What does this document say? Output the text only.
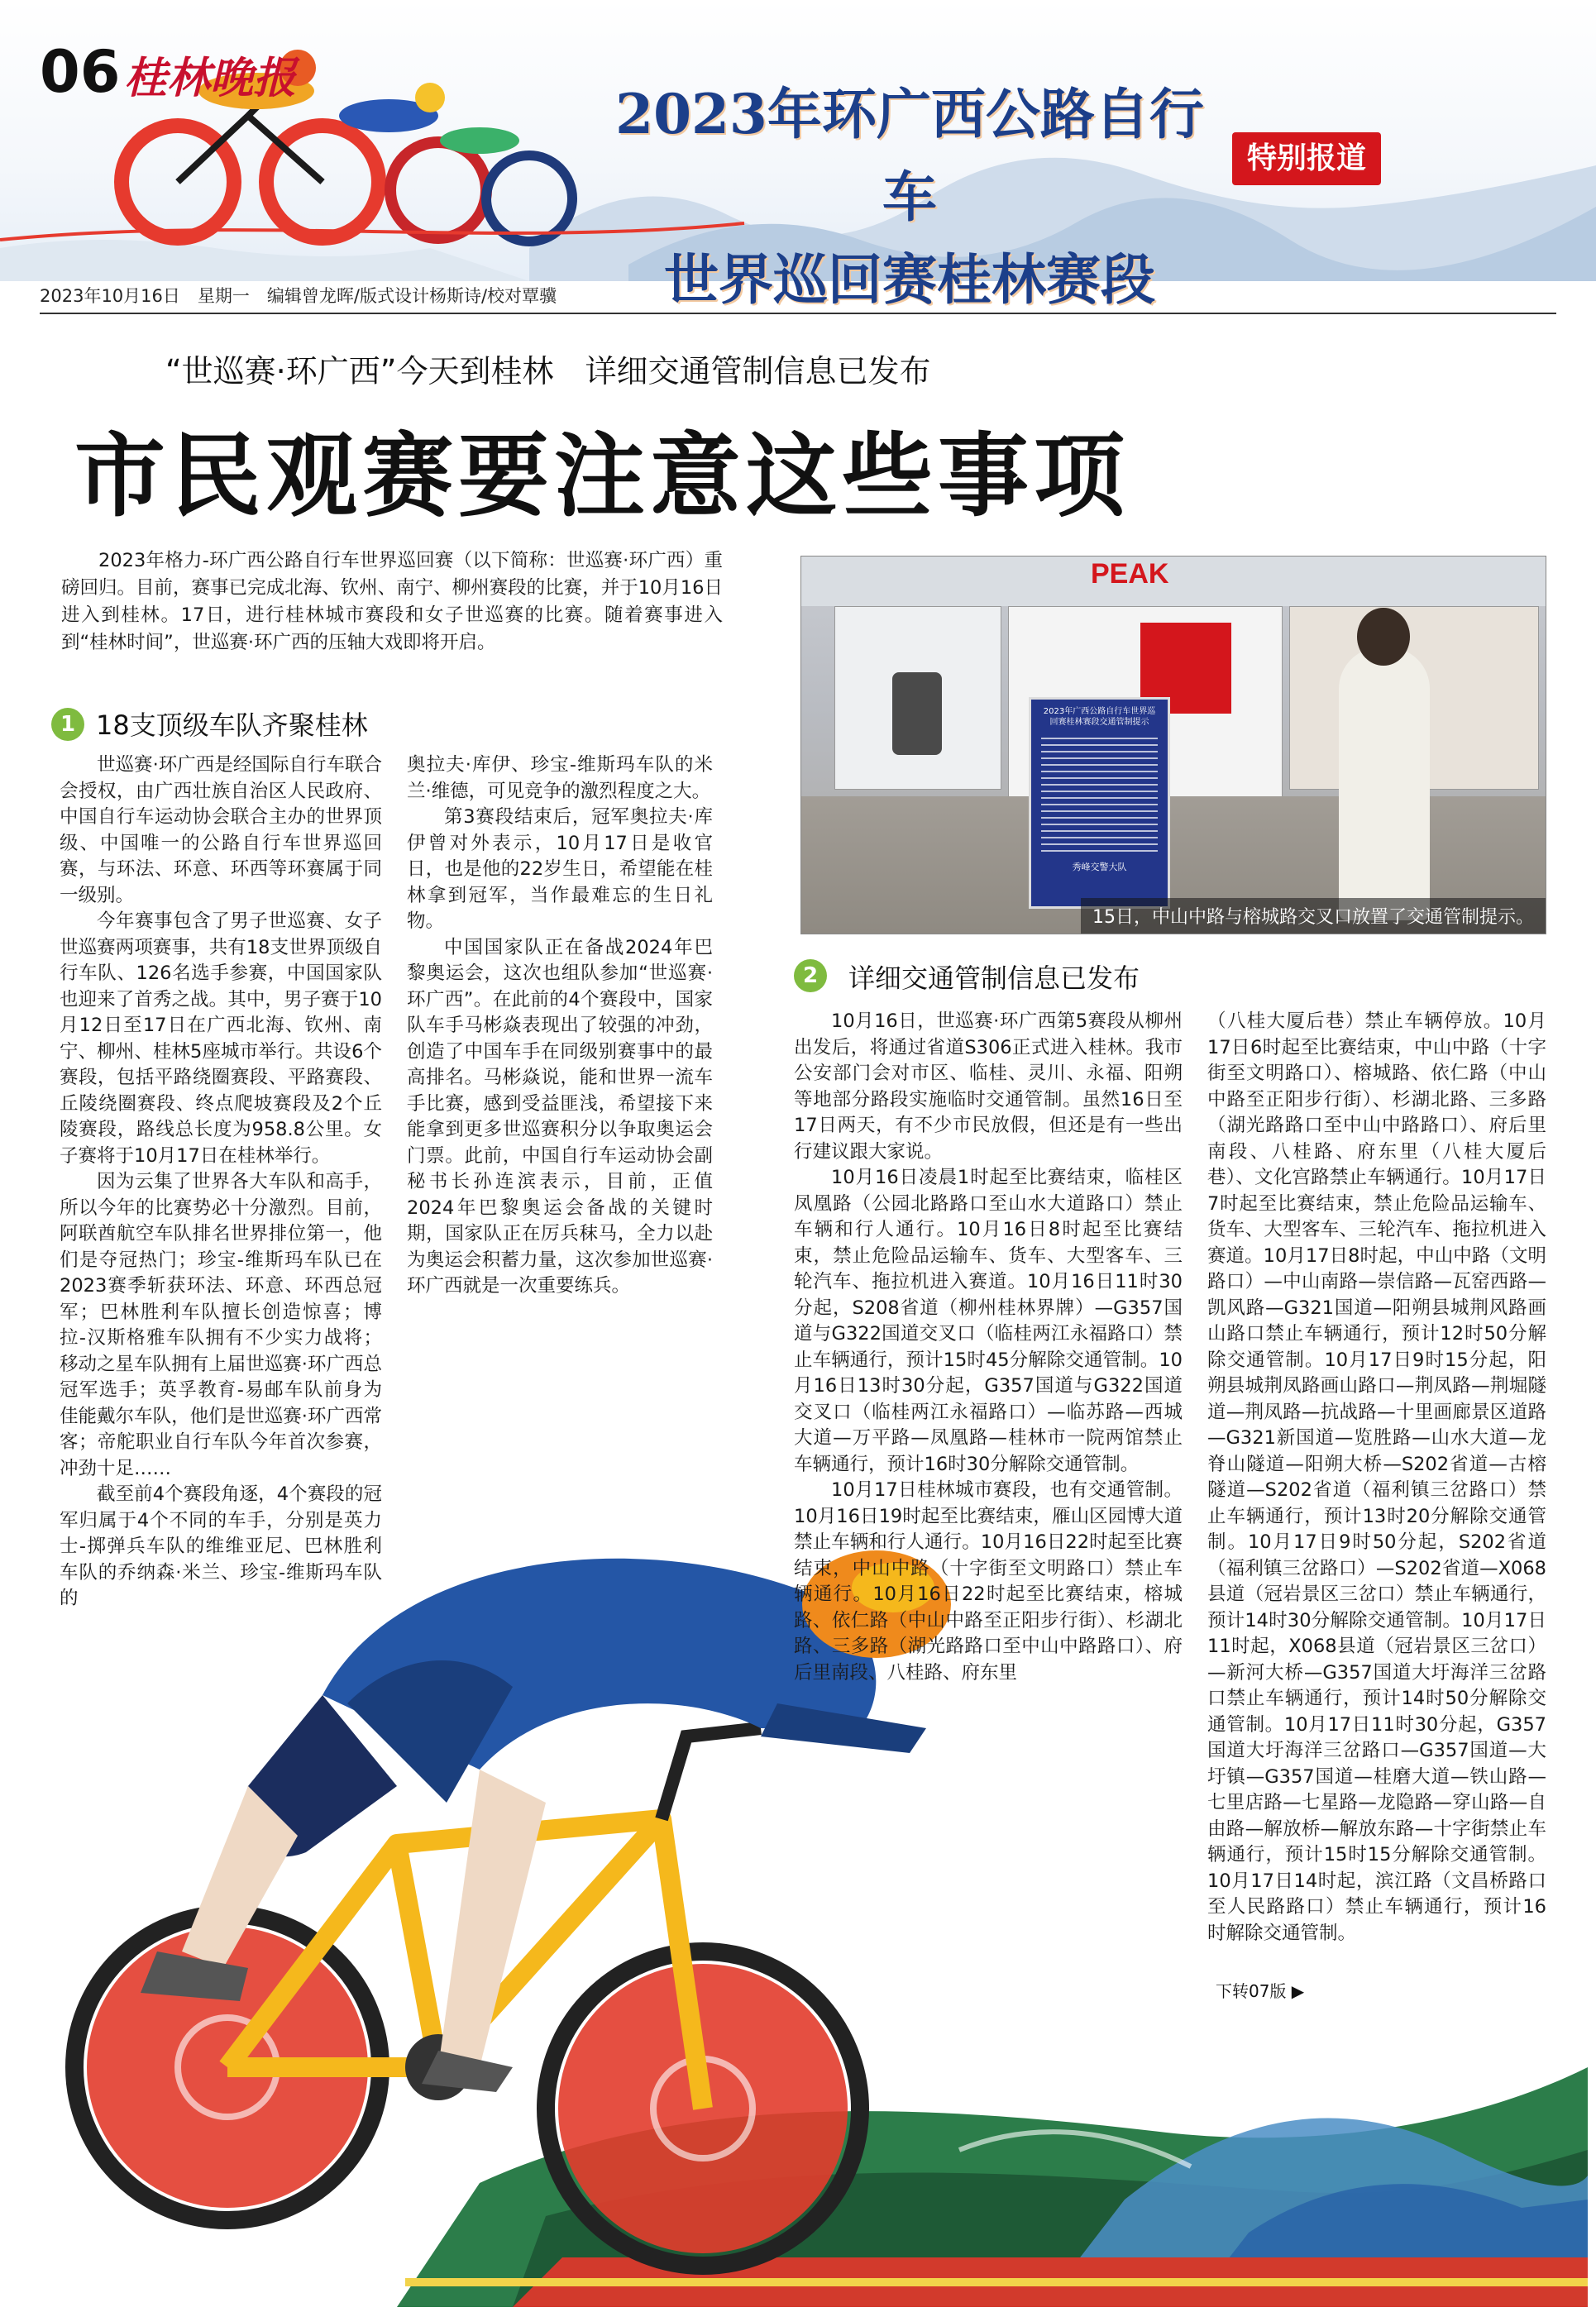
06 桂林晚报
2023年环广西公路自行车
世界巡回赛桂林赛段
特别报道
2023年10月16日　星期一　编辑曾龙晖/版式设计杨斯诗/校对覃骥
“世巡赛·环广西”今天到桂林　详细交通管制信息已发布
市民观赛要注意这些事项
2023年格力-环广西公路自行车世界巡回赛（以下简称：世巡赛·环广西）重磅回归。目前，赛事已完成北海、钦州、南宁、柳州赛段的比赛，并于10月16日进入到桂林。17日，进行桂林城市赛段和女子世巡赛的比赛。随着赛事进入到“桂林时间”，世巡赛·环广西的压轴大戏即将开启。
PEAK
2023年广西公路自行车世界巡回赛桂林赛段交通管制提示
秀峰交警大队
15日，中山中路与榕城路交叉口放置了交通管制提示。
1 18支顶级车队齐聚桂林

世巡赛·环广西是经国际自行车联合会授权，由广西壮族自治区人民政府、中国自行车运动协会联合主办的世界顶级、中国唯一的公路自行车世界巡回赛，与环法、环意、环西等环赛属于同一级别。

今年赛事包含了男子世巡赛、女子世巡赛两项赛事，共有18支世界顶级自行车队、126名选手参赛，中国国家队也迎来了首秀之战。其中，男子赛于10月12日至17日在广西北海、钦州、南宁、柳州、桂林5座城市举行。共设6个赛段，包括平路绕圈赛段、平路赛段、丘陵绕圈赛段、终点爬坡赛段及2个丘陵赛段，路线总长度为958.8公里。女子赛将于10月17日在桂林举行。

因为云集了世界各大车队和高手，所以今年的比赛势必十分激烈。目前，阿联酋航空车队排名世界排位第一，他们是夺冠热门；珍宝-维斯玛车队已在2023赛季斩获环法、环意、环西总冠军；巴林胜利车队擅长创造惊喜；博拉-汉斯格雅车队拥有不少实力战将；移动之星车队拥有上届世巡赛·环广西总冠军选手；英孚教育-易邮车队前身为佳能戴尔车队，他们是世巡赛·环广西常客；帝舵职业自行车队今年首次参赛，冲劲十足……

截至前4个赛段角逐，4个赛段的冠军归属于4个不同的车手，分别是英力士-掷弹兵车队的维维亚尼、巴林胜利车队的乔纳森·米兰、珍宝-维斯玛车队的

奥拉夫·库伊、珍宝-维斯玛车队的米兰·维德，可见竞争的激烈程度之大。

第3赛段结束后，冠军奥拉夫·库伊曾对外表示，10月17日是收官日，也是他的22岁生日，希望能在桂林拿到冠军，当作最难忘的生日礼物。

中国国家队正在备战2024年巴黎奥运会，这次也组队参加“世巡赛·环广西”。在此前的4个赛段中，国家队车手马彬焱表现出了较强的冲劲，创造了中国车手在同级别赛事中的最高排名。马彬焱说，能和世界一流车手比赛，感到受益匪浅，希望接下来能拿到更多世巡赛积分以争取奥运会门票。此前，中国自行车运动协会副秘书长孙连滨表示，目前，正值2024年巴黎奥运会备战的关键时期，国家队正在厉兵秣马，全力以赴为奥运会积蓄力量，这次参加世巡赛·环广西就是一次重要练兵。

2	详细交通管制信息已发布

10月16日，世巡赛·环广西第5赛段从柳州出发后，将通过省道S306正式进入桂林。我市公安部门会对市区、临桂、灵川、永福、阳朔等地部分路段实施临时交通管制。虽然16日至17日两天，有不少市民放假，但还是有一些出行建议跟大家说。

10月16日凌晨1时起至比赛结束，临桂区凤凰路（公园北路路口至山水大道路口）禁止车辆和行人通行。10月16日8时起至比赛结束，禁止危险品运输车、货车、大型客车、三轮汽车、拖拉机进入赛道。10月16日11时30分起，S208省道（柳州桂林界牌）—G357国道与G322国道交叉口（临桂两江永福路口）禁止车辆通行，预计15时45分解除交通管制。10月16日13时30分起，G357国道与G322国道交叉口（临桂两江永福路口）—临苏路—西城大道—万平路—凤凰路—桂林市一院两馆禁止车辆通行，预计16时30分解除交通管制。

10月17日桂林城市赛段，也有交通管制。10月16日19时起至比赛结束，雁山区园博大道禁止车辆和行人通行。10月16日22时起至比赛结束，中山中路（十字街至文明路口）禁止车辆通行。10月16日22时起至比赛结束，榕城路、依仁路（中山中路至正阳步行街）、杉湖北路、三多路（湖光路路口至中山中路路口）、府后里南段、八桂路、府东里

（八桂大厦后巷）禁止车辆停放。10月17日6时起至比赛结束，中山中路（十字街至文明路口）、榕城路、依仁路（中山中路至正阳步行街）、杉湖北路、三多路（湖光路路口至中山中路路口）、府后里南段、八桂路、府东里（八桂大厦后巷）、文化宫路禁止车辆通行。10月17日7时起至比赛结束，禁止危险品运输车、货车、大型客车、三轮汽车、拖拉机进入赛道。10月17日8时起，中山中路（文明路口）—中山南路—崇信路—瓦窑西路—凯风路—G321国道—阳朔县城荆风路画山路口禁止车辆通行，预计12时50分解除交通管制。10月17日9时15分起，阳朔县城荆凤路画山路口—荆凤路—荆堀隧道—荆凤路—抗战路—十里画廊景区道路—G321新国道—览胜路—山水大道—龙脊山隧道—阳朔大桥—S202省道—古榕隧道—S202省道（福利镇三岔路口）禁止车辆通行，预计13时20分解除交通管制。10月17日9时50分起，S202省道（福利镇三岔路口）—S202省道—X068县道（冠岩景区三岔口）禁止车辆通行，预计14时30分解除交通管制。10月17日11时起，X068县道（冠岩景区三岔口）—新河大桥—G357国道大圩海洋三岔路口禁止车辆通行，预计14时50分解除交通管制。10月17日11时30分起，G357国道大圩海洋三岔路口—G357国道—大圩镇—G357国道—桂磨大道—铁山路—七里店路—七星路—龙隐路—穿山路—自由路—解放桥—解放东路—十字街禁止车辆通行，预计15时15分解除交通管制。10月17日14时起，滨江路（文昌桥路口至人民路路口）禁止车辆通行，预计16时解除交通管制。

下转07版 ▶
